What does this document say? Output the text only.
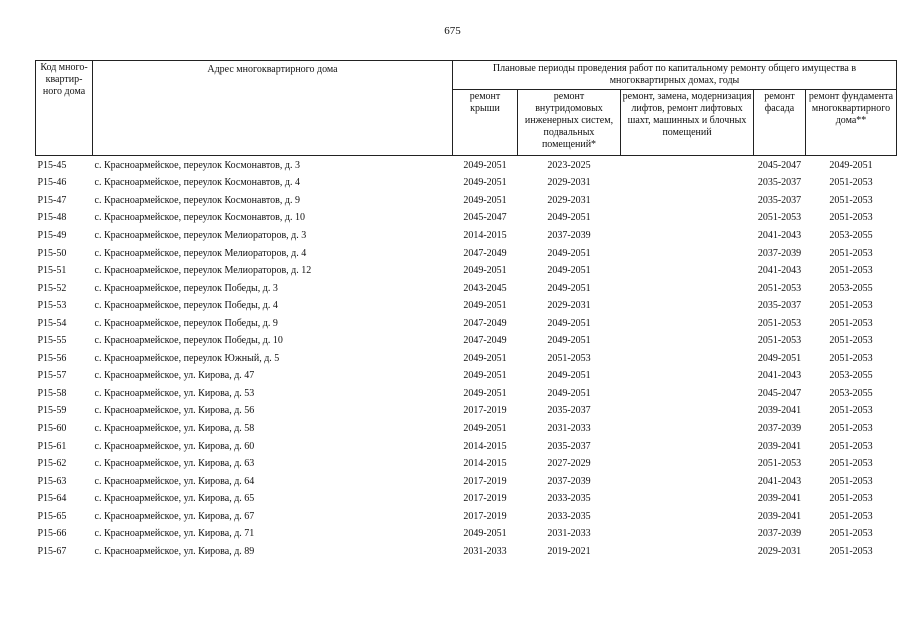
675
Код много-квартир-ного дома	Адрес многоквартирного дома	Плановые периоды проведения работ по капитальному ремонту общего имущества в многоквартирных домах, годы				
		ремонт крыши	ремонт внутридомовых инженерных систем, подвальных помещений*	ремонт, замена, модернизация лифтов, ремонт лифтовых шахт, машинных и блочных помещений	ремонт фасада	ремонт фундамента многоквартирного дома**
P15-45	с. Красноармейское, переулок Космонавтов, д. 3	2049-2051	2023-2025		2045-2047	2049-2051
P15-46	с. Красноармейское, переулок Космонавтов, д. 4	2049-2051	2029-2031		2035-2037	2051-2053
P15-47	с. Красноармейское, переулок Космонавтов, д. 9	2049-2051	2029-2031		2035-2037	2051-2053
P15-48	с. Красноармейское, переулок Космонавтов, д. 10	2045-2047	2049-2051		2051-2053	2051-2053
P15-49	с. Красноармейское, переулок Мелиораторов, д. 3	2014-2015	2037-2039		2041-2043	2053-2055
P15-50	с. Красноармейское, переулок Мелиораторов, д. 4	2047-2049	2049-2051		2037-2039	2051-2053
P15-51	с. Красноармейское, переулок Мелиораторов, д. 12	2049-2051	2049-2051		2041-2043	2051-2053
P15-52	с. Красноармейское, переулок Победы, д. 3	2043-2045	2049-2051		2051-2053	2053-2055
P15-53	с. Красноармейское, переулок Победы, д. 4	2049-2051	2029-2031		2035-2037	2051-2053
P15-54	с. Красноармейское, переулок Победы, д. 9	2047-2049	2049-2051		2051-2053	2051-2053
P15-55	с. Красноармейское, переулок Победы, д. 10	2047-2049	2049-2051		2051-2053	2051-2053
P15-56	с. Красноармейское, переулок Южный, д. 5	2049-2051	2051-2053		2049-2051	2051-2053
P15-57	с. Красноармейское, ул. Кирова, д. 47	2049-2051	2049-2051		2041-2043	2053-2055
P15-58	с. Красноармейское, ул. Кирова, д. 53	2049-2051	2049-2051		2045-2047	2053-2055
P15-59	с. Красноармейское, ул. Кирова, д. 56	2017-2019	2035-2037		2039-2041	2051-2053
P15-60	с. Красноармейское, ул. Кирова, д. 58	2049-2051	2031-2033		2037-2039	2051-2053
P15-61	с. Красноармейское, ул. Кирова, д. 60	2014-2015	2035-2037		2039-2041	2051-2053
P15-62	с. Красноармейское, ул. Кирова, д. 63	2014-2015	2027-2029		2051-2053	2051-2053
P15-63	с. Красноармейское, ул. Кирова, д. 64	2017-2019	2037-2039		2041-2043	2051-2053
P15-64	с. Красноармейское, ул. Кирова, д. 65	2017-2019	2033-2035		2039-2041	2051-2053
P15-65	с. Красноармейское, ул. Кирова, д. 67	2017-2019	2033-2035		2039-2041	2051-2053
P15-66	с. Красноармейское, ул. Кирова, д. 71	2049-2051	2031-2033		2037-2039	2051-2053
P15-67	с. Красноармейское, ул. Кирова, д. 89	2031-2033	2019-2021		2029-2031	2051-2053
